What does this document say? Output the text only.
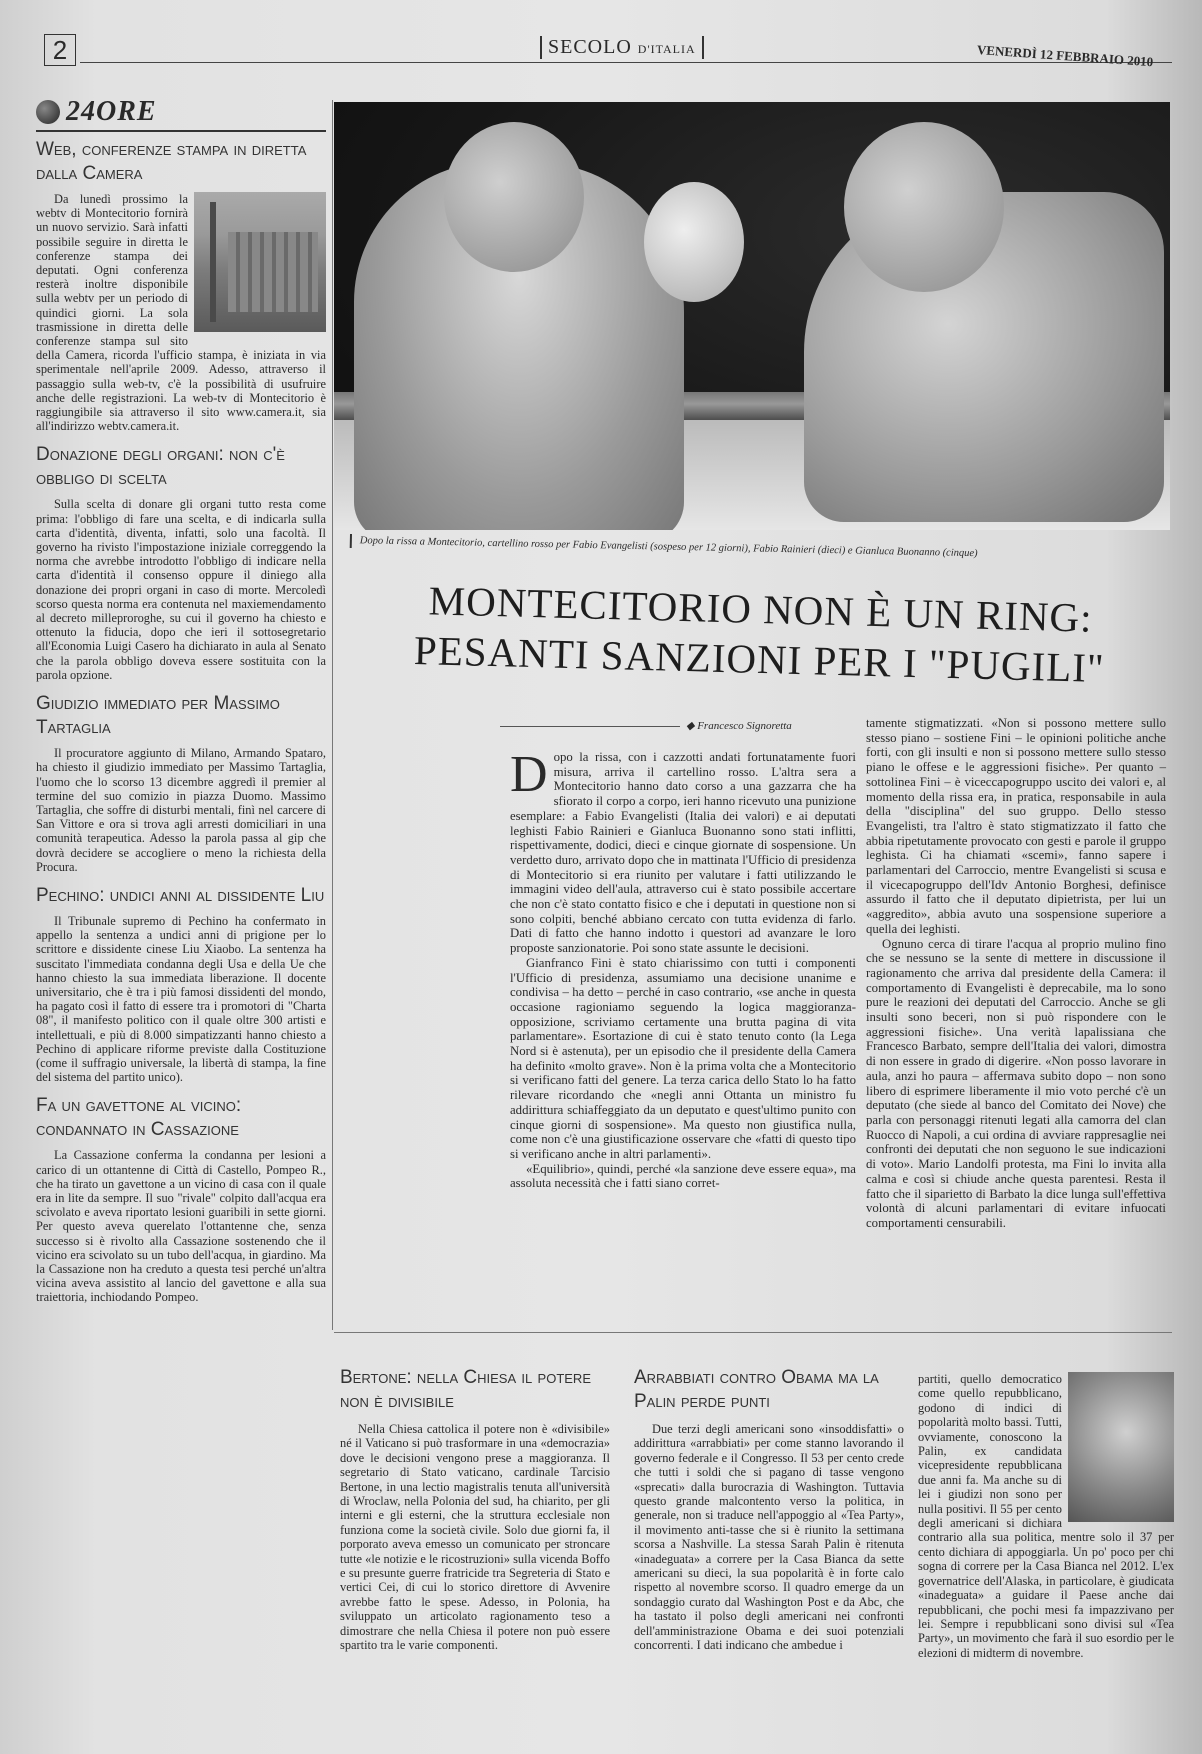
2	SECOLO D'ITALIA	VENERDÌ 12 FEBBRAIO 2010
24ORE
Web, conferenze stampa in diretta dalla Camera

Da lunedì prossimo la webtv di Montecitorio fornirà un nuovo servizio. Sarà infatti possibile seguire in diretta le conferenze stampa dei deputati. Ogni conferenza resterà inoltre disponibile sulla webtv per un periodo di quindici giorni. La sola trasmissione in diretta delle conferenze stampa sul sito della Camera, ricorda l'ufficio stampa, è iniziata in via sperimentale nell'aprile 2009. Adesso, attraverso il passaggio sulla web-tv, c'è la possibilità di usufruire anche delle registrazioni. La web-tv di Montecitorio è raggiungibile sia attraverso il sito www.camera.it, sia all'indirizzo webtv.camera.it.

Donazione degli organi: non c'è obbligo di scelta

Sulla scelta di donare gli organi tutto resta come prima: l'obbligo di fare una scelta, e di indicarla sulla carta d'identità, diventa, infatti, solo una facoltà. Il governo ha rivisto l'impostazione iniziale correggendo la norma che avrebbe introdotto l'obbligo di indicare nella carta d'identità il consenso oppure il diniego alla donazione dei propri organi in caso di morte. Mercoledì scorso questa norma era contenuta nel maxiemendamento al decreto milleproroghe, su cui il governo ha chiesto e ottenuto la fiducia, dopo che ieri il sottosegretario all'Economia Luigi Casero ha dichiarato in aula al Senato che la parola obbligo doveva essere sostituita con la parola opzione.

Giudizio immediato per Massimo Tartaglia

Il procuratore aggiunto di Milano, Armando Spataro, ha chiesto il giudizio immediato per Massimo Tartaglia, l'uomo che lo scorso 13 dicembre aggredì il premier al termine del suo comizio in piazza Duomo. Massimo Tartaglia, che soffre di disturbi mentali, finì nel carcere di San Vittore e ora si trova agli arresti domiciliari in una comunità terapeutica. Adesso la parola passa al gip che dovrà decidere se accogliere o meno la richiesta della Procura.

Pechino: undici anni al dissidente Liu

Il Tribunale supremo di Pechino ha confermato in appello la sentenza a undici anni di prigione per lo scrittore e dissidente cinese Liu Xiaobo. La sentenza ha suscitato l'immediata condanna degli Usa e della Ue che hanno chiesto la sua immediata liberazione. Il docente universitario, che è tra i più famosi dissidenti del mondo, ha pagato così il fatto di essere tra i promotori di "Charta 08", il manifesto politico con il quale oltre 300 artisti e intellettuali, e più di 8.000 simpatizzanti hanno chiesto a Pechino di applicare riforme previste dalla Costituzione (come il suffragio universale, la libertà di stampa, la fine del sistema del partito unico).

Fa un gavettone al vicino: condannato in Cassazione

La Cassazione conferma la condanna per lesioni a carico di un ottantenne di Città di Castello, Pompeo R., che ha tirato un gavettone a un vicino di casa con il quale era in lite da sempre. Il suo "rivale" colpito dall'acqua era scivolato e aveva riportato lesioni guaribili in sette giorni. Per questo aveva querelato l'ottantenne che, senza successo si è rivolto alla Cassazione sostenendo che il vicino era scivolato su un tubo dell'acqua, in giardino. Ma la Cassazione non ha creduto a questa tesi perché un'altra vicina aveva assistito al lancio del gavettone e alla sua traiettoria, inchiodando Pompeo.

Dopo la rissa a Montecitorio, cartellino rosso per Fabio Evangelisti (sospeso per 12 giorni), Fabio Rainieri (dieci) e Gianluca Buonanno (cinque)
MONTECITORIO NON È UN RING:
PESANTI SANZIONI PER I "PUGILI"
◆ Francesco Signoretta
D opo la rissa, con i cazzotti andati fortunatamente fuori misura, arriva il cartellino rosso. L'altra sera a Montecitorio hanno dato corso a una gazzarra che ha sfiorato il corpo a corpo, ieri hanno ricevuto una punizione esemplare: a Fabio Evangelisti (Italia dei valori) e ai deputati leghisti Fabio Rainieri e Gianluca Buonanno sono stati inflitti, rispettivamente, dodici, dieci e cinque giornate di sospensione. Un verdetto duro, arrivato dopo che in mattinata l'Ufficio di presidenza di Montecitorio si era riunito per valutare i fatti utilizzando le immagini video dell'aula, attraverso cui è stato possibile accertare che non c'è stato contatto fisico e che i deputati in questione non si sono colpiti, benché abbiano cercato con tutta evidenza di farlo. Dati di fatto che hanno indotto i questori ad avanzare le loro proposte sanzionatorie. Poi sono state assunte le decisioni.

Gianfranco Fini è stato chiarissimo con tutti i componenti l'Ufficio di presidenza, assumiamo una decisione unanime e condivisa – ha detto – perché in caso contrario, «se anche in questa occasione ragioniamo seguendo la logica maggioranza-opposizione, scriviamo certamente una brutta pagina di vita parlamentare». Esortazione di cui è stato tenuto conto (la Lega Nord si è astenuta), per un episodio che il presidente della Camera ha definito «molto grave». Non è la prima volta che a Montecitorio si verificano fatti del genere. La terza carica dello Stato lo ha fatto rilevare ricordando che «negli anni Ottanta un ministro fu addirittura schiaffeggiato da un deputato e quest'ultimo punito con cinque giorni di sospensione». Ma questo non giustifica nulla, come non c'è una giustificazione osservare che «fatti di questo tipo si verificano anche in altri parlamenti».

«Equilibrio», quindi, perché «la sanzione deve essere equa», ma assoluta necessità che i fatti siano corret-

tamente stigmatizzati. «Non si possono mettere sullo stesso piano – sostiene Fini – le opinioni politiche anche forti, con gli insulti e non si possono mettere sullo stesso piano le offese e le aggressioni fisiche». Per quanto – sottolinea Fini – è viceccapogruppo uscito dei valori e, al momento della rissa era, in pratica, responsabile in aula della "disciplina" del suo gruppo. Dello stesso Evangelisti, tra l'altro è stato stigmatizzato il fatto che abbia ripetutamente provocato con gesti e parole il gruppo leghista. Ci ha chiamati «scemi», fanno sapere i parlamentari del Carroccio, mentre Evangelisti si scusa e il vicecapogruppo dell'Idv Antonio Borghesi, definisce assurdo il fatto che il deputato dipietrista, per lui un «aggredito», abbia avuto una sospensione superiore a quella dei leghisti.

Ognuno cerca di tirare l'acqua al proprio mulino fino che se nessuno se la sente di mettere in discussione il ragionamento che arriva dal presidente della Camera: il comportamento di Evangelisti è deprecabile, ma lo sono pure le reazioni dei deputati del Carroccio. Anche se gli insulti sono beceri, non si può rispondere con le aggressioni fisiche». Una verità lapalissiana che Francesco Barbato, sempre dell'Italia dei valori, dimostra di non essere in grado di digerire. «Non posso lavorare in aula, anzi ho paura – affermava subito dopo – non sono libero di esprimere liberamente il mio voto perché c'è un deputato (che siede al banco del Comitato dei Nove) che parla con personaggi ritenuti legati alla camorra del clan Ruocco di Napoli, a cui ordina di avviare rappresaglie nei confronti dei deputati che non seguono le sue indicazioni di voto». Mario Landolfi protesta, ma Fini lo invita alla calma e così si chiude anche questa parentesi. Resta il fatto che il siparietto di Barbato la dice lunga sull'effettiva volontà di alcuni parlamentari di evitare infuocati comportamenti censurabili.

Bertone: nella Chiesa il potere non è divisibile

Nella Chiesa cattolica il potere non è «divisibile» né il Vaticano si può trasformare in una «democrazia» dove le decisioni vengono prese a maggioranza. Il segretario di Stato vaticano, cardinale Tarcisio Bertone, in una lectio magistralis tenuta all'università di Wroclaw, nella Polonia del sud, ha chiarito, per gli interni e gli esterni, che la struttura ecclesiale non funziona come la società civile. Solo due giorni fa, il porporato aveva emesso un comunicato per stroncare tutte «le notizie e le ricostruzioni» sulla vicenda Boffo e su presunte guerre fratricide tra Segreteria di Stato e vertici Cei, di cui lo storico direttore di Avvenire avrebbe fatto le spese. Adesso, in Polonia, ha sviluppato un articolato ragionamento teso a dimostrare che nella Chiesa il potere non può essere spartito tra le varie componenti.

Arrabbiati contro Obama ma la Palin perde punti

Due terzi degli americani sono «insoddisfatti» o addirittura «arrabbiati» per come stanno lavorando il governo federale e il Congresso. Il 53 per cento crede che tutti i soldi che si pagano di tasse vengono «sprecati» dalla burocrazia di Washington. Tuttavia questo grande malcontento verso la politica, in generale, non si traduce nell'appoggio al «Tea Party», il movimento anti-tasse che si è riunito la settimana scorsa a Nashville. La stessa Sarah Palin è ritenuta «inadeguata» a correre per la Casa Bianca da sette americani su dieci, la sua popolarità è in forte calo rispetto al novembre scorso. Il quadro emerge da un sondaggio curato dal Washington Post e da Abc, che ha tastato il polso degli americani nei confronti dell'amministrazione Obama e dei suoi potenziali concorrenti. I dati indicano che ambedue i

partiti, quello democratico come quello repubblicano, godono di indici di popolarità molto bassi. Tutti, ovviamente, conoscono la Palin, ex candidata vicepresidente repubblicana due anni fa. Ma anche su di lei i giudizi non sono per nulla positivi. Il 55 per cento degli americani si dichiara contrario alla sua politica, mentre solo il 37 per cento dichiara di appoggiarla. Un po' poco per chi sogna di correre per la Casa Bianca nel 2012. L'ex governatrice dell'Alaska, in particolare, è giudicata «inadeguata» a guidare il Paese anche dai repubblicani, che pochi mesi fa impazzivano per lei. Sempre i repubblicani sono divisi sul «Tea Party», un movimento che farà il suo esordio per le elezioni di midterm di novembre.
